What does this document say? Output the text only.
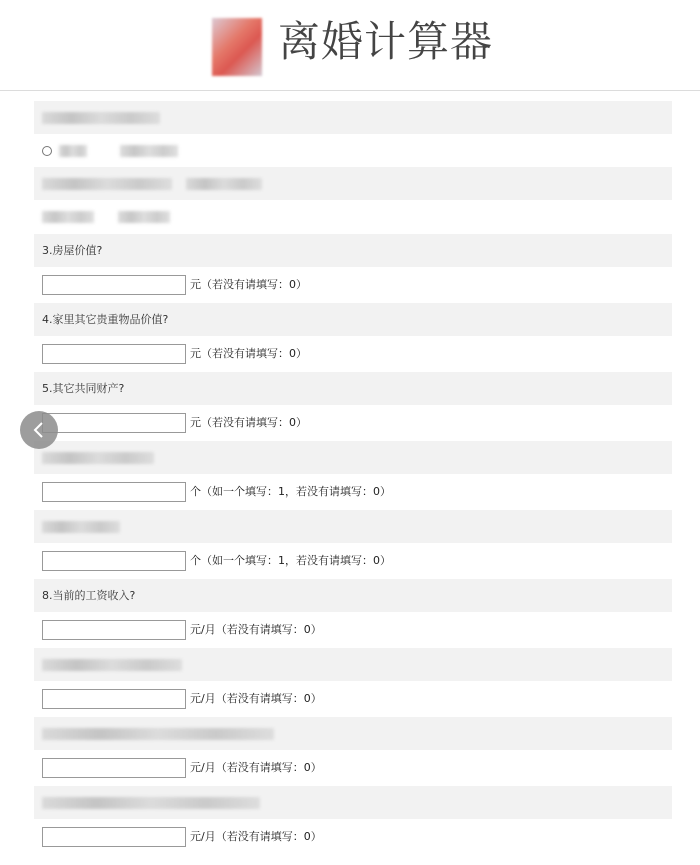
离婚计算器

3.房屋价值?
元（若没有请填写：0）
4.家里其它贵重物品价值?
元（若没有请填写：0）
5.其它共同财产?
元（若没有请填写：0）
个（如一个填写：1，若没有请填写：0）
个（如一个填写：1，若没有请填写：0）
8.当前的工资收入?
元/月（若没有请填写：0）
元/月（若没有请填写：0）
元/月（若没有请填写：0）
元/月（若没有请填写：0）
